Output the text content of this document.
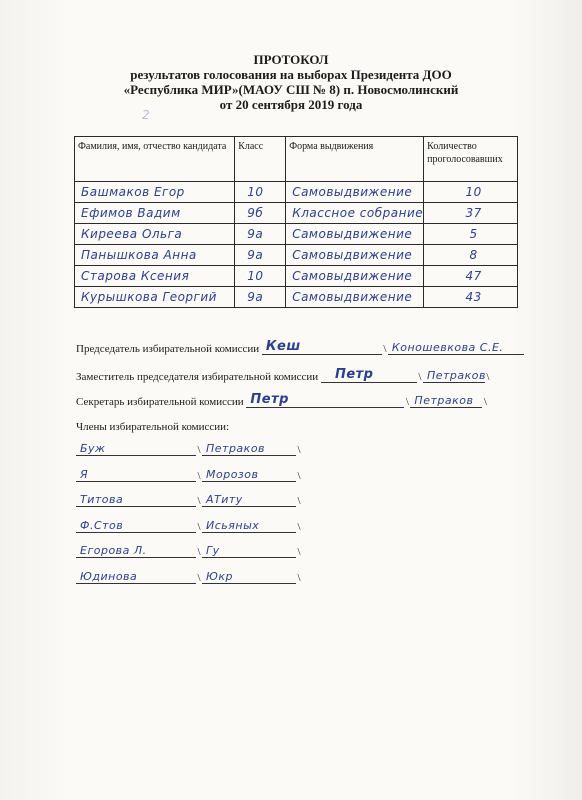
ПРОТОКОЛ
результатов голосования на выборах Президента ДОО
«Республика МИР»(МАОУ СШ № 8) п. Новосмолинский
от 20 сентября 2019 года
2
Фамилия, имя, отчество кандидата	Класс	Форма выдвижения	Количество проголосовавших

Башмаков Егор	10	Самовыдвижение	10

Ефимов Вадим	9б	Классное собрание	37

Киреева Ольга	9а	Самовыдвижение	5

Панышкова Анна	9а	Самовыдвижение	8

Старова Ксения	10	Самовыдвижение	47

Курышкова Георгий	9а	Самовыдвижение	43
Председатель избирательной комиссии Кеш	\ Коношевкова С.Е.
Заместитель председателя избирательной комиссии Петр	\ Петраков \
Секретарь избирательной комиссии Петр	\ Петраков \
Члены избирательной комиссии:
Буж	\ Петраков	\
Я	\ Морозов	\
Титова	\ АТиту	\
Ф.Стов	\ Исьяных	\
Егорова Л.	\ Гу	\
Юдинова	\ Юкр	\
